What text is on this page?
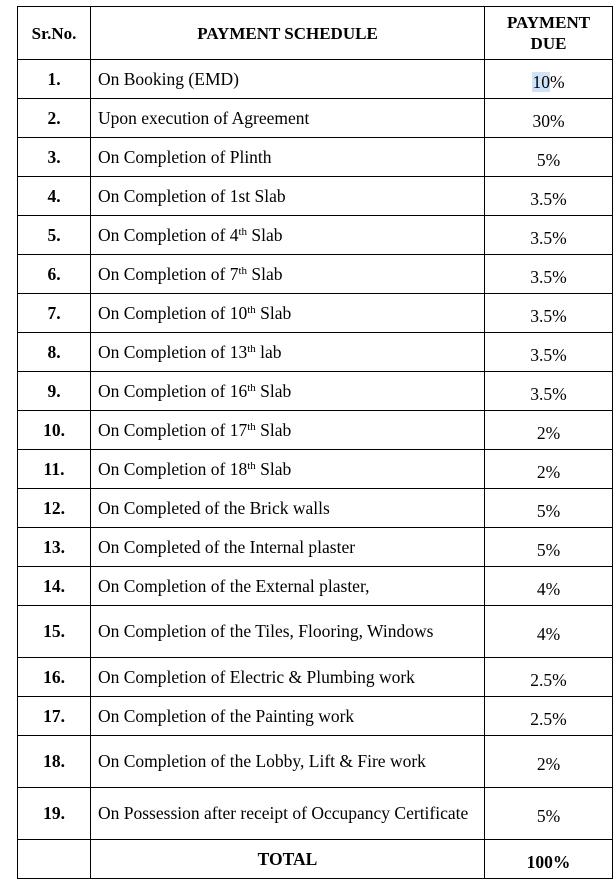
Sr.No.	PAYMENT SCHEDULE	PAYMENT
DUE

1.	On Booking (EMD)	10%
2.	Upon execution of Agreement	30%
3.	On Completion of Plinth	5%
4.	On Completion of 1st Slab	3.5%
5.	On Completion of 4th Slab	3.5%
6.	On Completion of 7th Slab	3.5%
7.	On Completion of 10th Slab	3.5%
8.	On Completion of 13th lab	3.5%
9.	On Completion of 16th Slab	3.5%
10.	On Completion of 17th Slab	2%
11.	On Completion of 18th Slab	2%
12.	On Completed of the Brick walls	5%
13.	On Completed of the Internal plaster	5%
14.	On Completion of the External plaster,	4%
15.	On Completion of the Tiles, Flooring, Windows	4%
16.	On Completion of Electric & Plumbing work	2.5%
17.	On Completion of the Painting work	2.5%
18.	On Completion of the Lobby, Lift & Fire work	2%
19.	On Possession after receipt of Occupancy Certificate	5%
	TOTAL	100%
